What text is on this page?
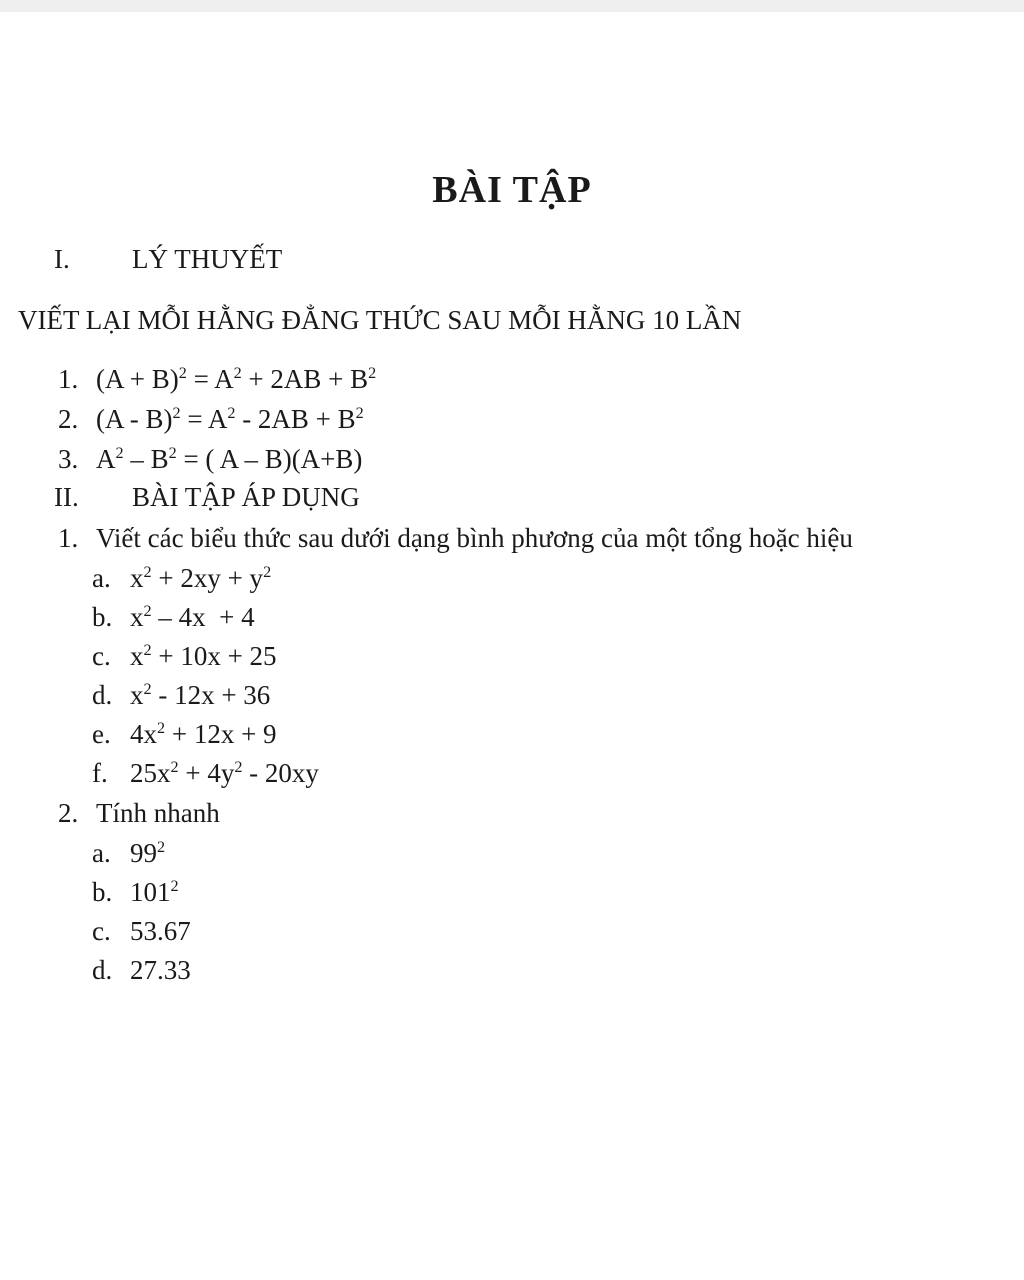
BÀI TẬP
I. LÝ THUYẾT
VIẾT LẠI MỖI HẰNG ĐẲNG THỨC SAU MỖI HẰNG 10 LẦN
1. $(A + B)^2 = A^2 + 2AB + B^2$
2. $(A - B)^2 = A^2 - 2AB + B^2$
3. $A^2 - B^2$ = ( A – B)(A+B)
II. BÀI TẬP ÁP DỤNG
1. Viết các biểu thức sau dưới dạng bình phương của một tổng hoặc hiệu
a. $x^2 + 2xy + y^2$
b. $x^2 - 4x + 4$
c. $x^2 + 10x + 25$
d. $x^2 - 12x + 36$
e. $4x^2 + 12x + 9$
f. $25x^2 + 4y^2 - 20xy$
2. Tính nhanh
a. $99^2$
b. $101^2$
c. 53.67
d. 27.33
